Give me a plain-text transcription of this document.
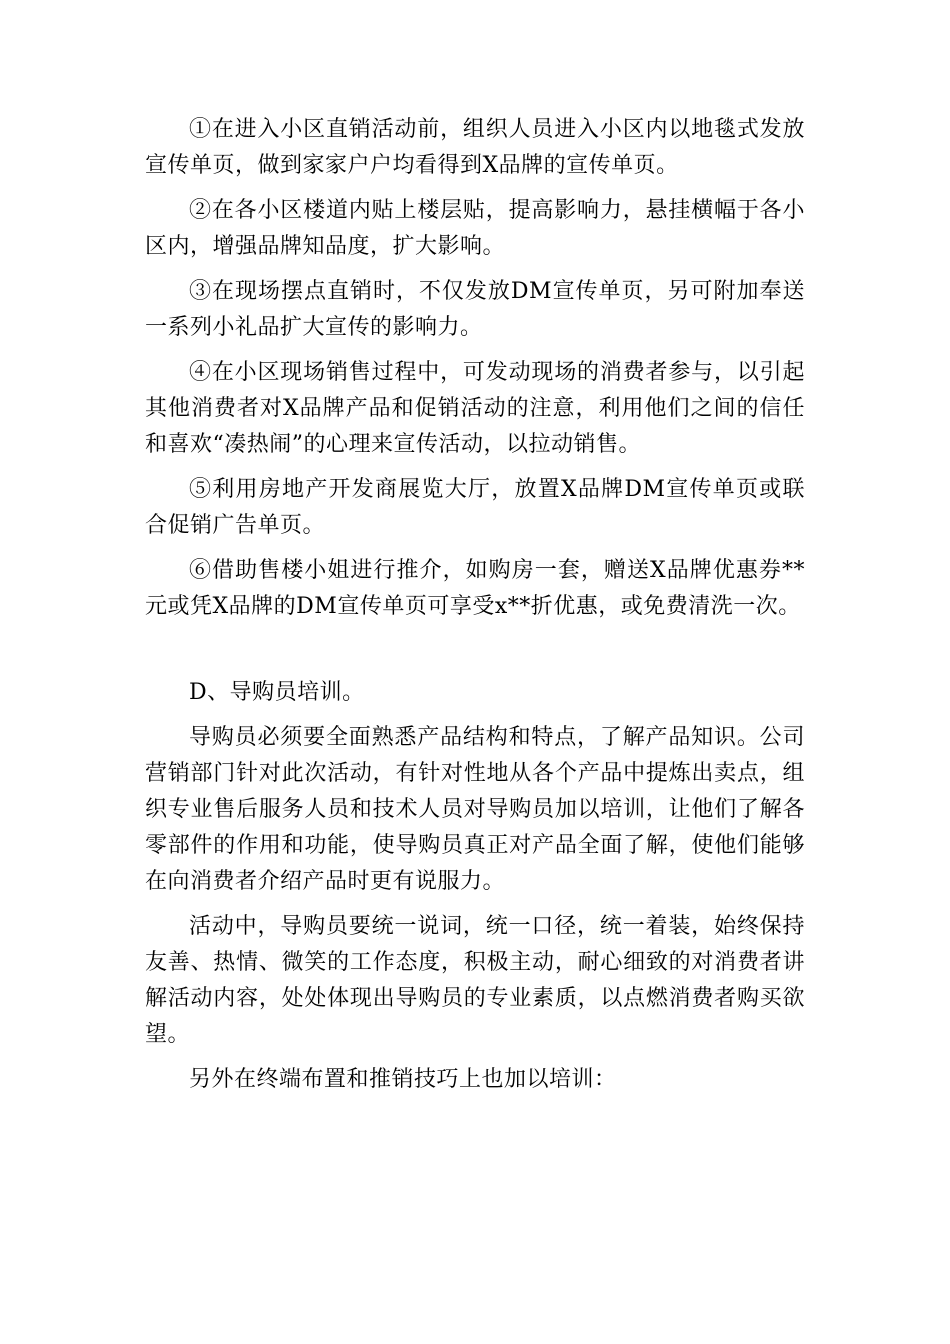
①在进入小区直销活动前，组织人员进入小区内以地毯式发放宣传单页，做到家家户户均看得到X品牌的宣传单页。

②在各小区楼道内贴上楼层贴，提高影响力，悬挂横幅于各小区内，增强品牌知品度，扩大影响。

③在现场摆点直销时，不仅发放DM宣传单页，另可附加奉送一系列小礼品扩大宣传的影响力。

④在小区现场销售过程中，可发动现场的消费者参与，以引起其他消费者对X品牌产品和促销活动的注意，利用他们之间的信任和喜欢“凑热闹”的心理来宣传活动，以拉动销售。

⑤利用房地产开发商展览大厅，放置X品牌DM宣传单页或联合促销广告单页。

⑥借助售楼小姐进行推介，如购房一套，赠送X品牌优惠券**元或凭X品牌的DM宣传单页可享受x**折优惠，或免费清洗一次。

D、导购员培训。

导购员必须要全面熟悉产品结构和特点，了解产品知识。公司营销部门针对此次活动，有针对性地从各个产品中提炼出卖点，组织专业售后服务人员和技术人员对导购员加以培训，让他们了解各零部件的作用和功能，使导购员真正对产品全面了解，使他们能够在向消费者介绍产品时更有说服力。

活动中，导购员要统一说词，统一口径，统一着装，始终保持友善、热情、微笑的工作态度，积极主动，耐心细致的对消费者讲解活动内容，处处体现出导购员的专业素质，以点燃消费者购买欲望。

另外在终端布置和推销技巧上也加以培训：
